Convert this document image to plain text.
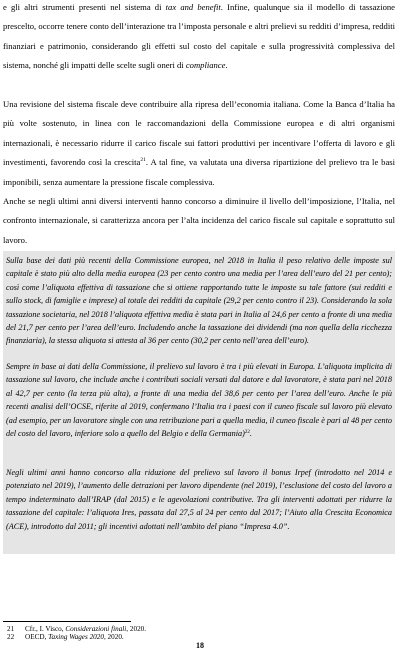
e gli altri strumenti presenti nel sistema di tax and benefit. Infine, qualunque sia il modello di tassazione prescelto, occorre tenere conto dell’interazione tra l’imposta personale e altri prelievi su redditi d’impresa, redditi finanziari e patrimonio, considerando gli effetti sul costo del capitale e sulla progressività complessiva del sistema, nonché gli impatti delle scelte sugli oneri di compliance.

Una revisione del sistema fiscale deve contribuire alla ripresa dell’economia italiana. Come la Banca d’Italia ha più volte sostenuto, in linea con le raccomandazioni della Commissione europea e di altri organismi internazionali, è necessario ridurre il carico fiscale sui fattori produttivi per incentivare l’offerta di lavoro e gli investimenti, favorendo così la crescita$^{21}$. A tal fine, va valutata una diversa ripartizione del prelievo tra le basi imponibili, senza aumentare la pressione fiscale complessiva.

Anche se negli ultimi anni diversi interventi hanno concorso a diminuire il livello dell’imposizione, l’Italia, nel confronto internazionale, si caratterizza ancora per l’alta incidenza del carico fiscale sul capitale e soprattutto sul lavoro.

Sulla base dei dati più recenti della Commissione europea, nel 2018 in Italia il peso relativo delle imposte sul capitale è stato più alto della media europea (23 per cento contro una media per l’area dell’euro del 21 per cento); così come l’aliquota effettiva di tassazione che si ottiene rapportando tutte le imposte su tale fattore (sui redditi e sullo stock, di famiglie e imprese) al totale dei redditi da capitale (29,2 per cento contro il 23). Considerando la sola tassazione societaria, nel 2018 l’aliquota effettiva media è stata pari in Italia al 24,6 per cento a fronte di una media del 21,7 per cento per l’area dell’euro. Includendo anche la tassazione dei dividendi (ma non quella della ricchezza finanziaria), la stessa aliquota si attesta al 36 per cento (30,2 per cento nell’area dell’euro).

Sempre in base ai dati della Commissione, il prelievo sul lavoro è tra i più elevati in Europa. L’aliquota implicita di tassazione sul lavoro, che include anche i contributi sociali versati dal datore e dal lavoratore, è stata pari nel 2018 al 42,7 per cento (la terza più alta), a fronte di una media del 38,6 per cento per l’area dell’euro. Anche le più recenti analisi dell’OCSE, riferite al 2019, confermano l’Italia tra i paesi con il cuneo fiscale sul lavoro più elevato (ad esempio, per un lavoratore single con una retribuzione pari a quella media, il cuneo fiscale è pari al 48 per cento del costo del lavoro, inferiore solo a quello del Belgio e della Germania)$^{22}$.

Negli ultimi anni hanno concorso alla riduzione del prelievo sul lavoro il bonus Irpef (introdotto nel 2014 e potenziato nel 2019), l’aumento delle detrazioni per lavoro dipendente (nel 2019), l’esclusione del costo del lavoro a tempo indeterminato dall’IRAP (dal 2015) e le agevolazioni contributive. Tra gli interventi adottati per ridurre la tassazione del capitale: l’aliquota Ires, passata dal 27,5 al 24 per cento dal 2017; l’Aiuto alla Crescita Economica (ACE), introdotto dal 2011; gli incentivi adottati nell’ambito del piano “Impresa 4.0”.

21	Cfr., I. Visco, Considerazioni finali, 2020.
22	OECD, Taxing Wages 2020, 2020.
18
